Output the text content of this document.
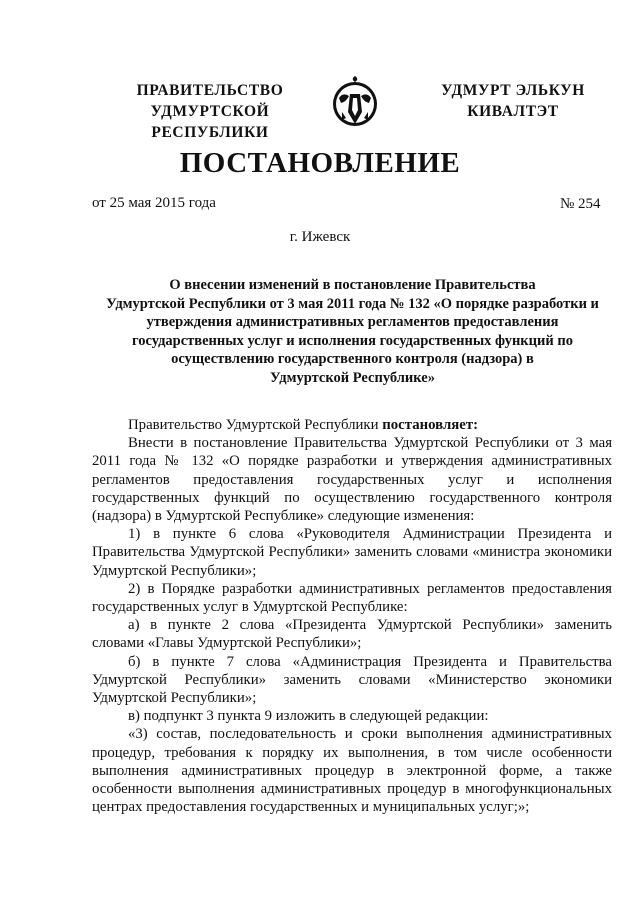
ПРАВИТЕЛЬСТВО
УДМУРТСКОЙ РЕСПУБЛИКИ
УДМУРТ ЭЛЬКУН
КИВАЛТЭТ
ПОСТАНОВЛЕНИЕ
от 25 мая 2015 года	№ 254
г. Ижевск
О внесении изменений в постановление Правительства
Удмуртской Республики от 3 мая 2011 года № 132 «О порядке разработки и
утверждения административных регламентов предоставления
государственных услуг и исполнения государственных функций по
осуществлению государственного контроля (надзора) в
Удмуртской Республике»

Правительство Удмуртской Республики постановляет:

Внести в постановление Правительства Удмуртской Республики от 3 мая 2011 года № 132 «О порядке разработки и утверждения административных регламентов предоставления государственных услуг и исполнения государственных функций по осуществлению государственного контроля (надзора) в Удмуртской Республике» следующие изменения:

1) в пункте 6 слова «Руководителя Администрации Президента и Правительства Удмуртской Республики» заменить словами «министра экономики Удмуртской Республики»;

2) в Порядке разработки административных регламентов предоставления государственных услуг в Удмуртской Республике:

а) в пункте 2 слова «Президента Удмуртской Республики» заменить словами «Главы Удмуртской Республики»;

б) в пункте 7 слова «Администрация Президента и Правительства Удмуртской Республики» заменить словами «Министерство экономики Удмуртской Республики»;

в) подпункт 3 пункта 9 изложить в следующей редакции:

«3) состав, последовательность и сроки выполнения административных процедур, требования к порядку их выполнения, в том числе особенности выполнения административных процедур в электронной форме, а также особенности выполнения административных процедур в многофункциональных центрах предоставления государственных и муниципальных услуг;»;
